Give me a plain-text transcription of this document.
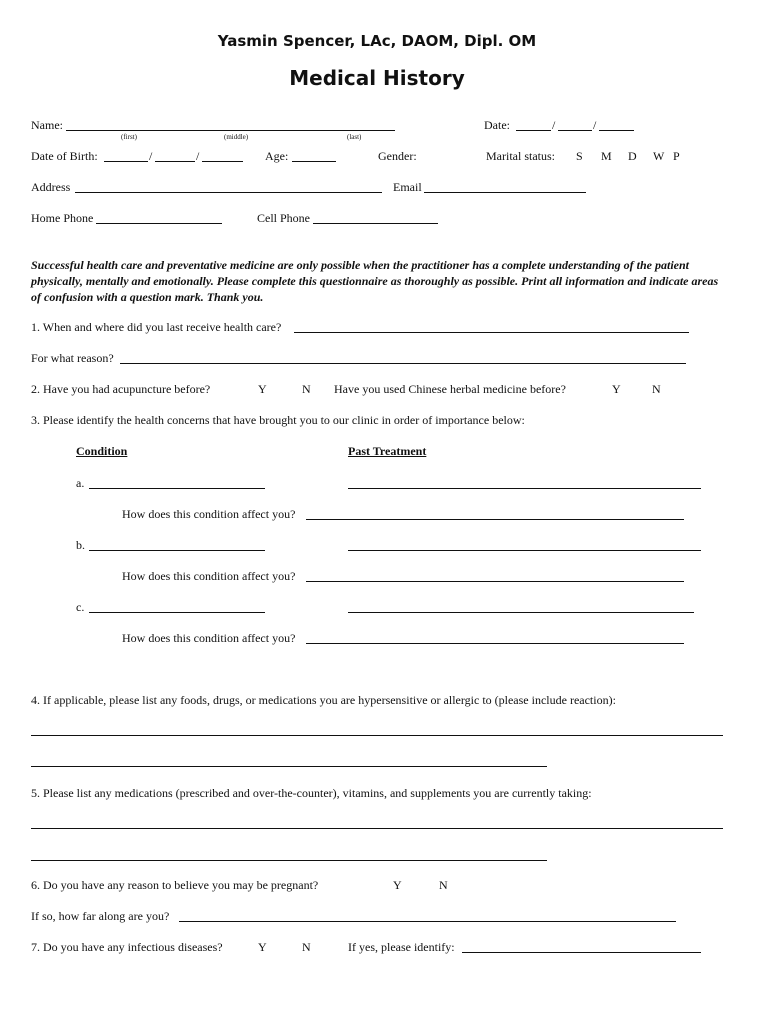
Yasmin Spencer, LAc, DAOM, Dipl. OM
Medical History
Name:
(first)	(middle)	(last)
Date:	/	/
Date of Birth:	/	/	Age:	Gender:	Marital status: S M D W P
Address	Email
Home Phone	Cell Phone
Successful health care and preventative medicine are only possible when the practitioner has a complete understanding of the patient physically, mentally and emotionally. Please complete this questionnaire as thoroughly as possible. Print all information and indicate areas of confusion with a question mark. Thank you.
1. When and where did you last receive health care?
For what reason?
2. Have you had acupuncture before?	Y	N Have you used Chinese herbal medicine before?	Y	N
3. Please identify the health concerns that have brought you to our clinic in order of importance below:
Condition	Past Treatment
a.
How does this condition affect you?
b.
How does this condition affect you?
c.
How does this condition affect you?
4. If applicable, please list any foods, drugs, or medications you are hypersensitive or allergic to (please include reaction):
5. Please list any medications (prescribed and over-the-counter), vitamins, and supplements you are currently taking:
6. Do you have any reason to believe you may be pregnant?	Y	N
If so, how far along are you?
7. Do you have any infectious diseases?	Y	N	If yes, please identify:
